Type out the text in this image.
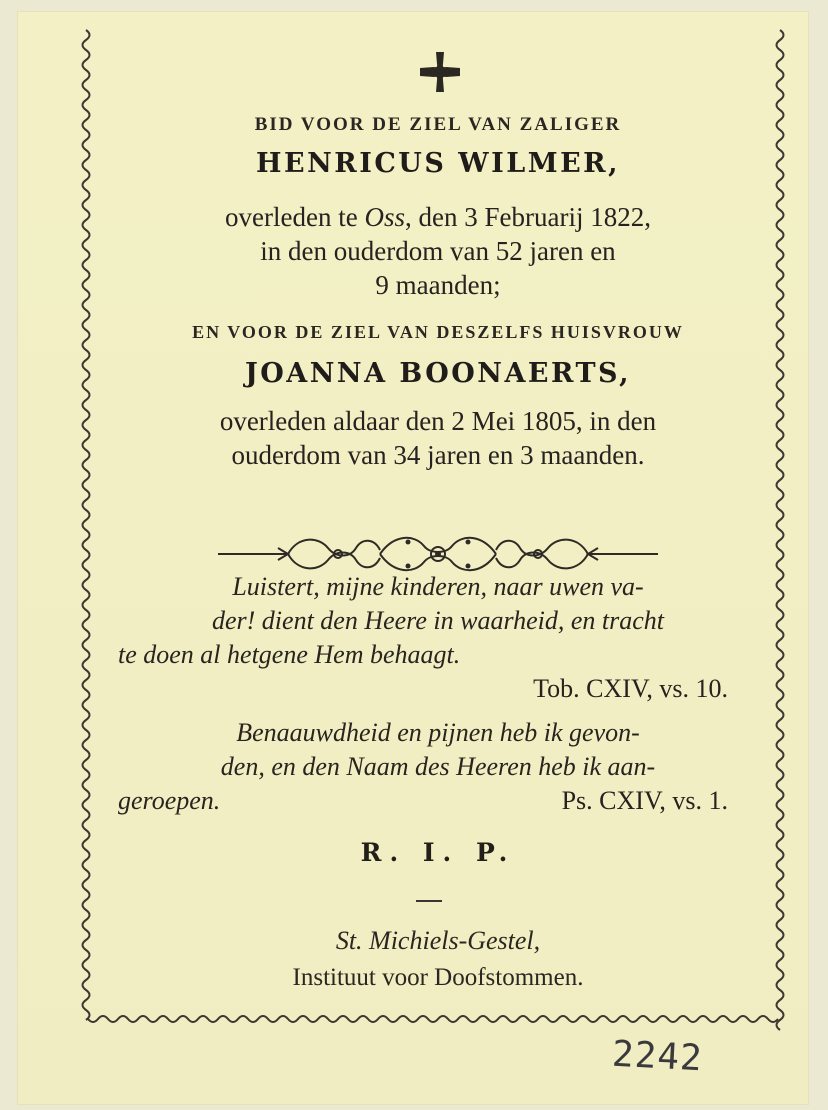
BID VOOR DE ZIEL VAN ZALIGER
HENRICUS WILMER,
overleden te Oss, den 3 Februarij 1822,
in den ouderdom van 52 jaren en
9 maanden;
EN VOOR DE ZIEL VAN DESZELFS HUISVROUW
JOANNA BOONAERTS,
overleden aldaar den 2 Mei 1805, in den
ouderdom van 34 jaren en 3 maanden.
Luistert, mijne kinderen, naar uwen va-
der! dient den Heere in waarheid, en tracht
te doen al hetgene Hem behaagt.
Tob. CXIV, vs. 10.
Benaauwdheid en pijnen heb ik gevon-
den, en den Naam des Heeren heb ik aan-
geroepen.	Ps. CXIV, vs. 1.
R. I. P.
St. Michiels-Gestel,
Instituut voor Doofstommen.
2242
